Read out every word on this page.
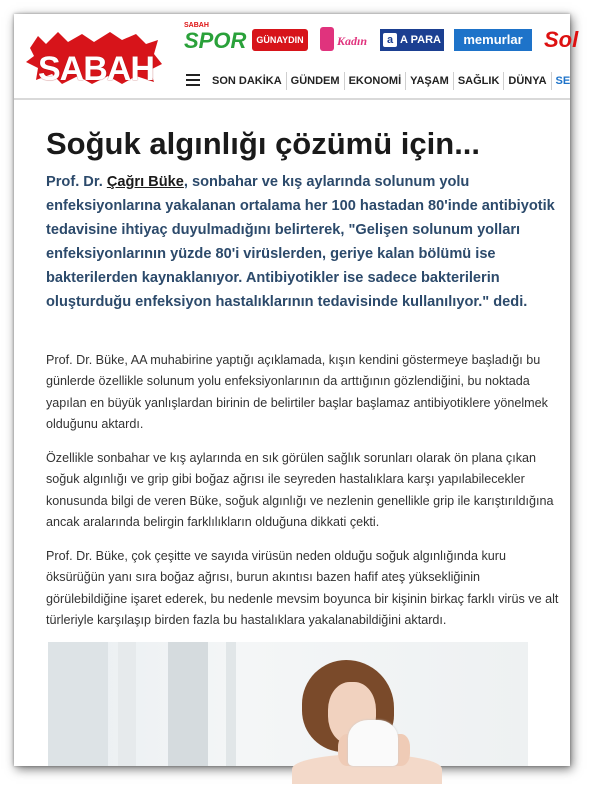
SABAH
SABAH
SPOR	GÜNAYDIN	Kadın	a A PARA	memurlar Sol
SON DAKİKA GÜNDEM EKONOMİ YAŞAM SAĞLIK DÜNYA SE
Soğuk algınlığı çözümü için...

Prof. Dr. Çağrı Büke, sonbahar ve kış aylarında solunum yolu enfeksiyonlarına yakalanan ortalama her 100 hastadan 80'inde antibiyotik tedavisine ihtiyaç duyulmadığını belirterek, "Gelişen solunum yolları enfeksiyonlarının yüzde 80'i virüslerden, geriye kalan bölümü ise bakterilerden kaynaklanıyor. Antibiyotikler ise sadece bakterilerin oluşturduğu enfeksiyon hastalıklarının tedavisinde kullanılıyor." dedi.

Prof. Dr. Büke, AA muhabirine yaptığı açıklamada, kışın kendini göstermeye başladığı bu günlerde özellikle solunum yolu enfeksiyonlarının da arttığının gözlendiğini, bu noktada yapılan en büyük yanlışlardan birinin de belirtiler başlar başlamaz antibiyotiklere yönelmek olduğunu aktardı.

Özellikle sonbahar ve kış aylarında en sık görülen sağlık sorunları olarak ön plana çıkan soğuk algınlığı ve grip gibi boğaz ağrısı ile seyreden hastalıklara karşı yapılabilecekler konusunda bilgi de veren Büke, soğuk algınlığı ve nezlenin genellikle grip ile karıştırıldığına ancak aralarında belirgin farklılıkların olduğuna dikkati çekti.

Prof. Dr. Büke, çok çeşitte ve sayıda virüsün neden olduğu soğuk algınlığında kuru öksürüğün yanı sıra boğaz ağrısı, burun akıntısı bazen hafif ateş yüksekliğinin görülebildiğine işaret ederek, bu nedenle mevsim boyunca bir kişinin birkaç farklı virüs ve alt türleriyle karşılaşıp birden fazla bu hastalıklara yakalanabildiğini aktardı.
